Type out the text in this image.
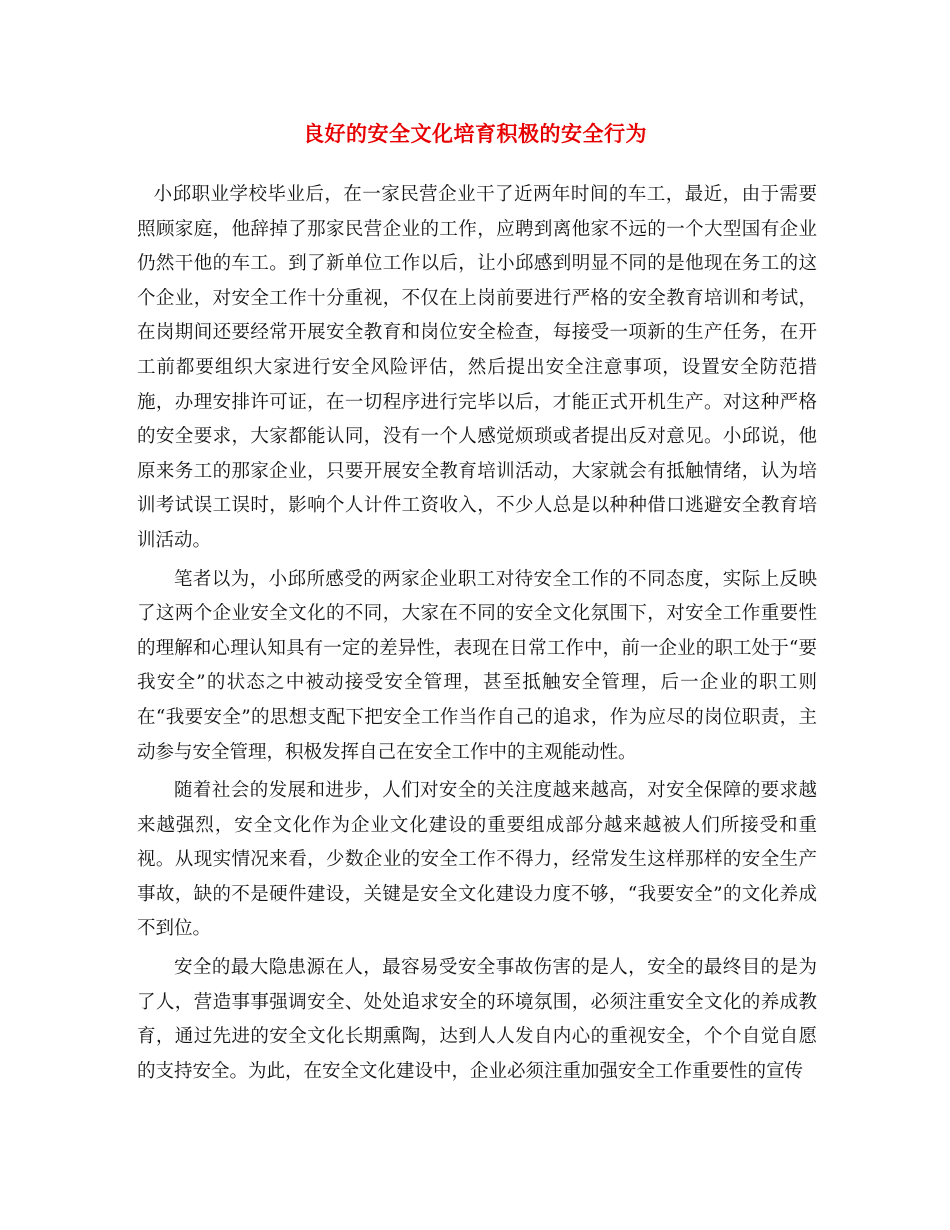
良好的安全文化培育积极的安全行为

小邱职业学校毕业后，在一家民营企业干了近两年时间的车工，最近，由于需要照顾家庭，他辞掉了那家民营企业的工作，应聘到离他家不远的一个大型国有企业仍然干他的车工。到了新单位工作以后，让小邱感到明显不同的是他现在务工的这个企业，对安全工作十分重视，不仅在上岗前要进行严格的安全教育培训和考试，在岗期间还要经常开展安全教育和岗位安全检查，每接受一项新的生产任务，在开工前都要组织大家进行安全风险评估，然后提出安全注意事项，设置安全防范措施，办理安排许可证，在一切程序进行完毕以后，才能正式开机生产。对这种严格的安全要求，大家都能认同，没有一个人感觉烦琐或者提出反对意见。小邱说，他原来务工的那家企业，只要开展安全教育培训活动，大家就会有抵触情绪，认为培训考试误工误时，影响个人计件工资收入，不少人总是以种种借口逃避安全教育培训活动。

笔者以为，小邱所感受的两家企业职工对待安全工作的不同态度，实际上反映了这两个企业安全文化的不同，大家在不同的安全文化氛围下，对安全工作重要性的理解和心理认知具有一定的差异性，表现在日常工作中，前一企业的职工处于“要我安全”的状态之中被动接受安全管理，甚至抵触安全管理，后一企业的职工则在“我要安全”的思想支配下把安全工作当作自己的追求，作为应尽的岗位职责，主动参与安全管理，积极发挥自己在安全工作中的主观能动性。

随着社会的发展和进步，人们对安全的关注度越来越高，对安全保障的要求越来越强烈，安全文化作为企业文化建设的重要组成部分越来越被人们所接受和重视。从现实情况来看，少数企业的安全工作不得力，经常发生这样那样的安全生产事故，缺的不是硬件建设，关键是安全文化建设力度不够，“我要安全”的文化养成不到位。

安全的最大隐患源在人，最容易受安全事故伤害的是人，安全的最终目的是为了人，营造事事强调安全、处处追求安全的环境氛围，必须注重安全文化的养成教育，通过先进的安全文化长期熏陶，达到人人发自内心的重视安全，个个自觉自愿的支持安全。为此，在安全文化建设中，企业必须注重加强安全工作重要性的宣传
